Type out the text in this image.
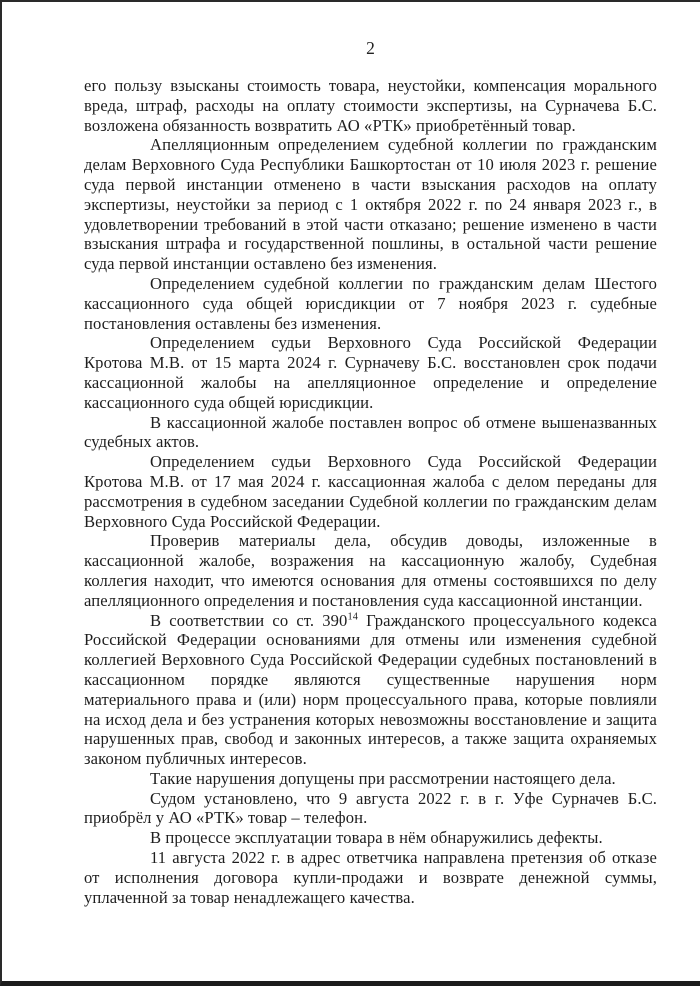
2

его пользу взысканы стоимость товара, неустойки, компенсация морального вреда, штраф, расходы на оплату стоимости экспертизы, на Сурначева Б.С. возложена обязанность возвратить АО «РТК» приобретённый товар.

Апелляционным определением судебной коллегии по гражданским делам Верховного Суда Республики Башкортостан от 10 июля 2023 г. решение суда первой инстанции отменено в части взыскания расходов на оплату экспертизы, неустойки за период с 1 октября 2022 г. по 24 января 2023 г., в удовлетворении требований в этой части отказано; решение изменено в части взыскания штрафа и государственной пошлины, в остальной части решение суда первой инстанции оставлено без изменения.

Определением судебной коллегии по гражданским делам Шестого кассационного суда общей юрисдикции от 7 ноября 2023 г. судебные постановления оставлены без изменения.

Определением судьи Верховного Суда Российской Федерации Кротова М.В. от 15 марта 2024 г. Сурначеву Б.С. восстановлен срок подачи кассационной жалобы на апелляционное определение и определение кассационного суда общей юрисдикции.

В кассационной жалобе поставлен вопрос об отмене вышеназванных судебных актов.

Определением судьи Верховного Суда Российской Федерации Кротова М.В. от 17 мая 2024 г. кассационная жалоба с делом переданы для рассмотрения в судебном заседании Судебной коллегии по гражданским делам Верховного Суда Российской Федерации.

Проверив материалы дела, обсудив доводы, изложенные в кассационной жалобе, возражения на кассационную жалобу, Судебная коллегия находит, что имеются основания для отмены состоявшихся по делу апелляционного определения и постановления суда кассационной инстанции.

В соответствии со ст. $390^{14}$ Гражданского процессуального кодекса Российской Федерации основаниями для отмены или изменения судебной коллегией Верховного Суда Российской Федерации судебных постановлений в кассационном порядке являются существенные нарушения норм материального права и (или) норм процессуального права, которые повлияли на исход дела и без устранения которых невозможны восстановление и защита нарушенных прав, свобод и законных интересов, а также защита охраняемых законом публичных интересов.

Такие нарушения допущены при рассмотрении настоящего дела.

Судом установлено, что 9 августа 2022 г. в г. Уфе Сурначев Б.С. приобрёл у АО «РТК» товар – телефон.

В процессе эксплуатации товара в нём обнаружились дефекты.

11 августа 2022 г. в адрес ответчика направлена претензия об отказе от исполнения договора купли-продажи и возврате денежной суммы, уплаченной за товар ненадлежащего качества.
